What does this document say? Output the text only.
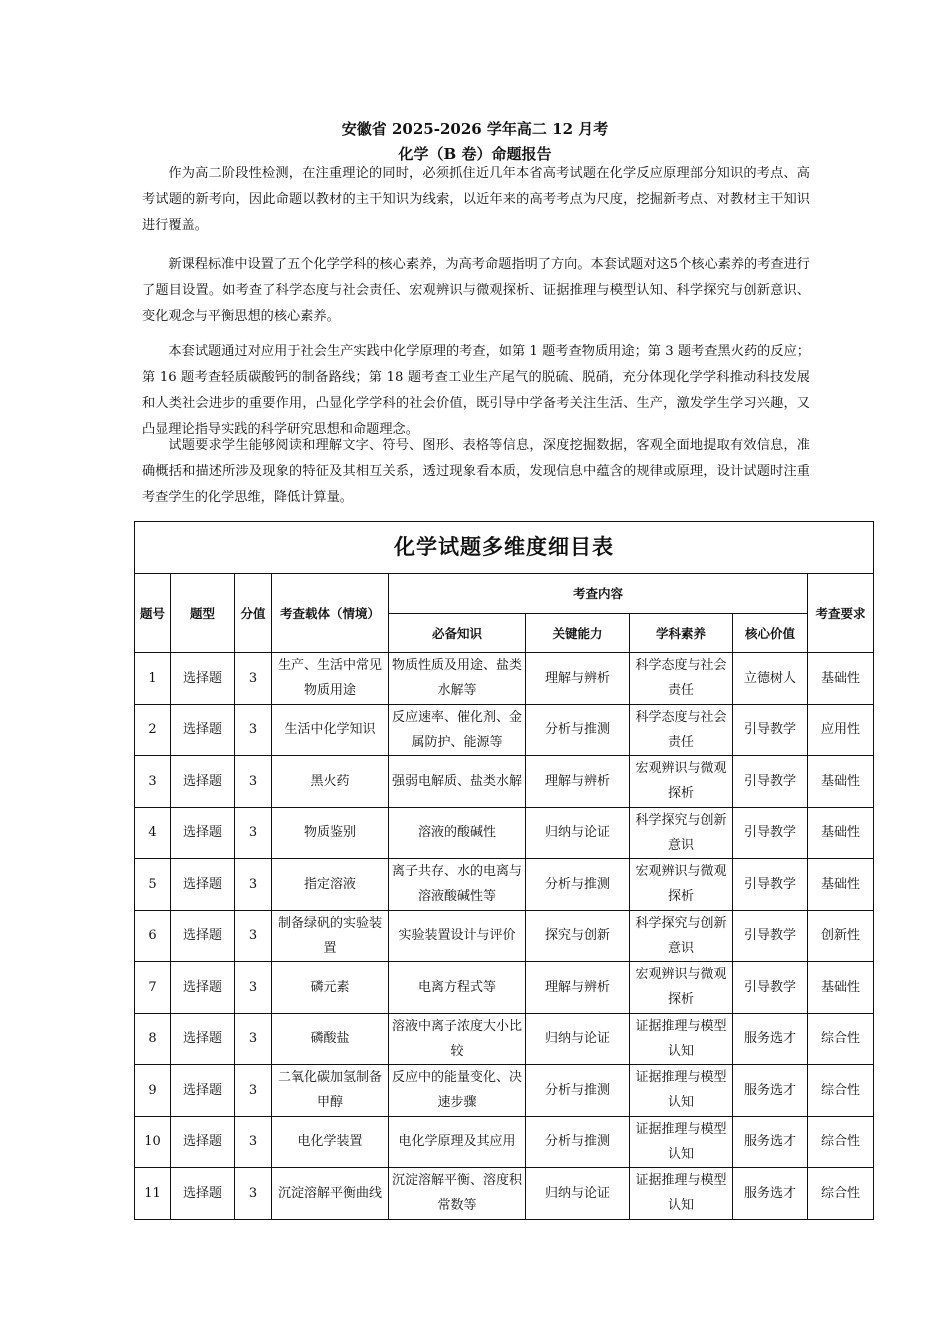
安徽省 2025-2026 学年高二 12 月考
化学（B 卷）命题报告

作为高二阶段性检测，在注重理论的同时，必须抓住近几年本省高考试题在化学反应原理部分知识的考点、高考试题的新考向，因此命题以教材的主干知识为线索，以近年来的高考考点为尺度，挖掘新考点、对教材主干知识进行覆盖。

新课程标准中设置了五个化学学科的核心素养，为高考命题指明了方向。本套试题对这5个核心素养的考查进行了题目设置。如考查了科学态度与社会责任、宏观辨识与微观探析、证据推理与模型认知、科学探究与创新意识、变化观念与平衡思想的核心素养。

本套试题通过对应用于社会生产实践中化学原理的考查，如第 1 题考查物质用途；第 3 题考查黑火药的反应；第 16 题考查轻质碳酸钙的制备路线；第 18 题考查工业生产尾气的脱硫、脱硝，充分体现化学学科推动科技发展和人类社会进步的重要作用，凸显化学学科的社会价值，既引导中学备考关注生活、生产，激发学生学习兴趣，又凸显理论指导实践的科学研究思想和命题理念。

试题要求学生能够阅读和理解文字、符号、图形、表格等信息，深度挖掘数据，客观全面地提取有效信息，准确概括和描述所涉及现象的特征及其相互关系，透过现象看本质，发现信息中蕴含的规律或原理，设计试题时注重考查学生的化学思维，降低计算量。

化学试题多维度细目表								
题号	题型	分值	考查载体（情境）	考查内容				考查要求
				必备知识	关键能力	学科素养	核心价值	
1	选择题	3	生产、生活中常见物质用途	物质性质及用途、盐类水解等	理解与辨析	科学态度与社会责任	立德树人	基础性
2	选择题	3	生活中化学知识	反应速率、催化剂、金属防护、能源等	分析与推测	科学态度与社会责任	引导教学	应用性
3	选择题	3	黑火药	强弱电解质、盐类水解	理解与辨析	宏观辨识与微观探析	引导教学	基础性
4	选择题	3	物质鉴别	溶液的酸碱性	归纳与论证	科学探究与创新意识	引导教学	基础性
5	选择题	3	指定溶液	离子共存、水的电离与溶液酸碱性等	分析与推测	宏观辨识与微观探析	引导教学	基础性
6	选择题	3	制备绿矾的实验装置	实验装置设计与评价	探究与创新	科学探究与创新意识	引导教学	创新性
7	选择题	3	磷元素	电离方程式等	理解与辨析	宏观辨识与微观探析	引导教学	基础性
8	选择题	3	磷酸盐	溶液中离子浓度大小比较	归纳与论证	证据推理与模型认知	服务选才	综合性
9	选择题	3	二氧化碳加氢制备甲醇	反应中的能量变化、决速步骤	分析与推测	证据推理与模型认知	服务选才	综合性
10	选择题	3	电化学装置	电化学原理及其应用	分析与推测	证据推理与模型认知	服务选才	综合性
11	选择题	3	沉淀溶解平衡曲线	沉淀溶解平衡、溶度积常数等	归纳与论证	证据推理与模型认知	服务选才	综合性
